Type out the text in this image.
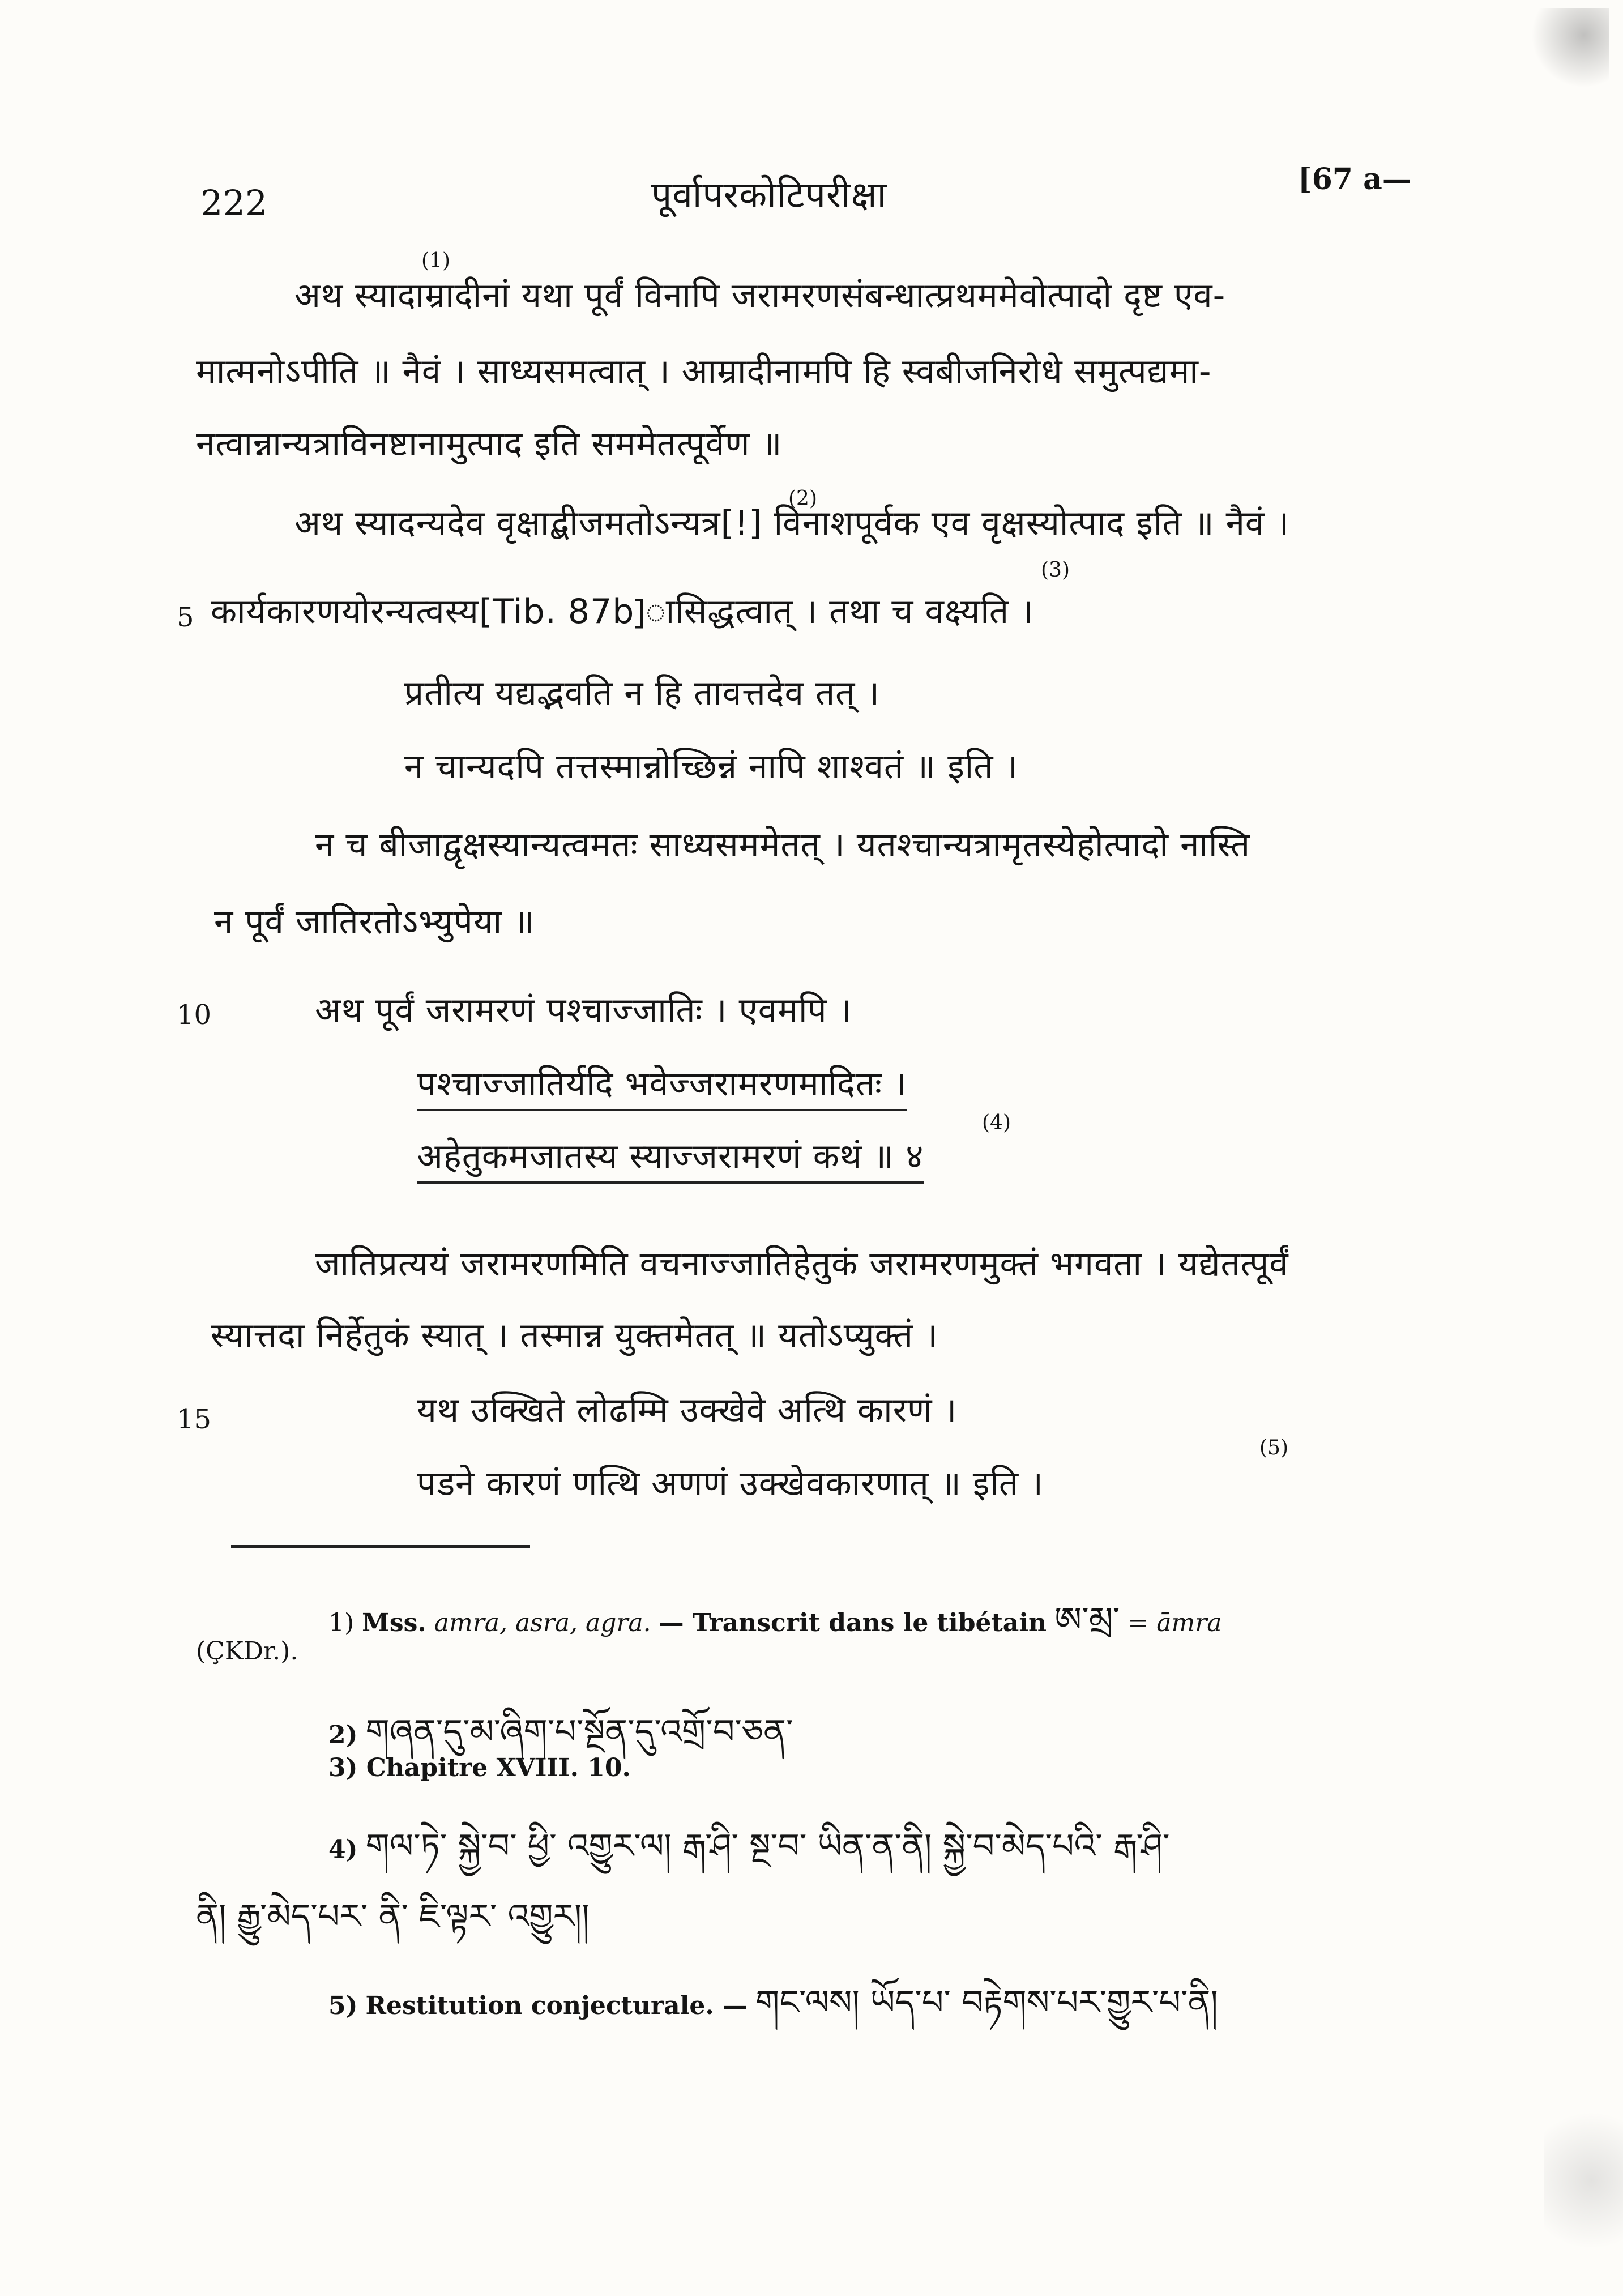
222	पूर्वापरकोटिपरीक्षा	[67 a—
अथ स्यादाम्रादीनां यथा पूर्वं विनापि जरामरणसंबन्धात्प्रथममेवोत्पादो दृष्ट एव-
(1)
मात्मनोऽपीति ॥ नैवं । साध्यसमत्वात् । आम्रादीनामपि हि स्वबीजनिरोधे समुत्पद्यमा-
नत्वान्नान्यत्राविनष्टानामुत्पाद इति सममेतत्पूर्वेण ॥
अथ स्यादन्यदेव वृक्षाद्बीजमतोऽन्यत्र[!] विनाशपूर्वक एव वृक्षस्योत्पाद इति ॥ नैवं ।
(2)
5 कार्यकारणयोरन्यत्वस्य[Tib. 87b]ासिद्धत्वात् । तथा च वक्ष्यति ।
(3)
प्रतीत्य यद्यद्भवति न हि तावत्तदेव तत् ।
न चान्यदपि तत्तस्मान्नोच्छिन्नं नापि शाश्वतं ॥ इति ।
न च बीजाद्वृक्षस्यान्यत्वमतः साध्यसममेतत् । यतश्चान्यत्रामृतस्येहोत्पादो नास्ति
न पूर्वं जातिरतोऽभ्युपेया ॥
10	अथ पूर्वं जरामरणं पश्चाज्जातिः । एवमपि ।
पश्चाज्जातिर्यदि भवेज्जरामरणमादितः ।
अहेतुकमजातस्य स्याज्जरामरणं कथं ॥ ४
(4)
जातिप्रत्ययं जरामरणमिति वचनाज्जातिहेतुकं जरामरणमुक्तं भगवता । यद्येतत्पूर्वं
स्यात्तदा निर्हेतुकं स्यात् । तस्मान्न युक्तमेतत् ॥ यतोऽप्युक्तं ।
15	यथ उक्खिते लोढम्मि उक्खेवे अत्थि कारणं ।
पडने कारणं णत्थि अणणं उक्खेवकारणात् ॥ इति ।
(5)
1) Mss. amra, asra, agra. — Transcrit dans le tibétain ཨ་མྲ་ = āmra
(ÇKDr.).
2) གཞན་དུ་མ་ཞིག་པ་སྔོན་དུ་འགྲོ་བ་ཅན་
3) Chapitre XVIII. 10.
4) གལ་ཏེ་ སྐྱེ་བ་ ཕྱི་ འགྱུར་ལ། རྒ་ཤི་ སྔ་བ་ ཡིན་ན་ནི། སྐྱེ་བ་མེད་པའི་ རྒ་ཤི་
ནི། རྒྱུ་མེད་པར་ ནི་ ཇི་ལྟར་ འགྱུར།།
5) Restitution conjecturale. — གང་ལས། ཡོད་པ་ བརྟེགས་པར་གྱུར་པ་ནི།
